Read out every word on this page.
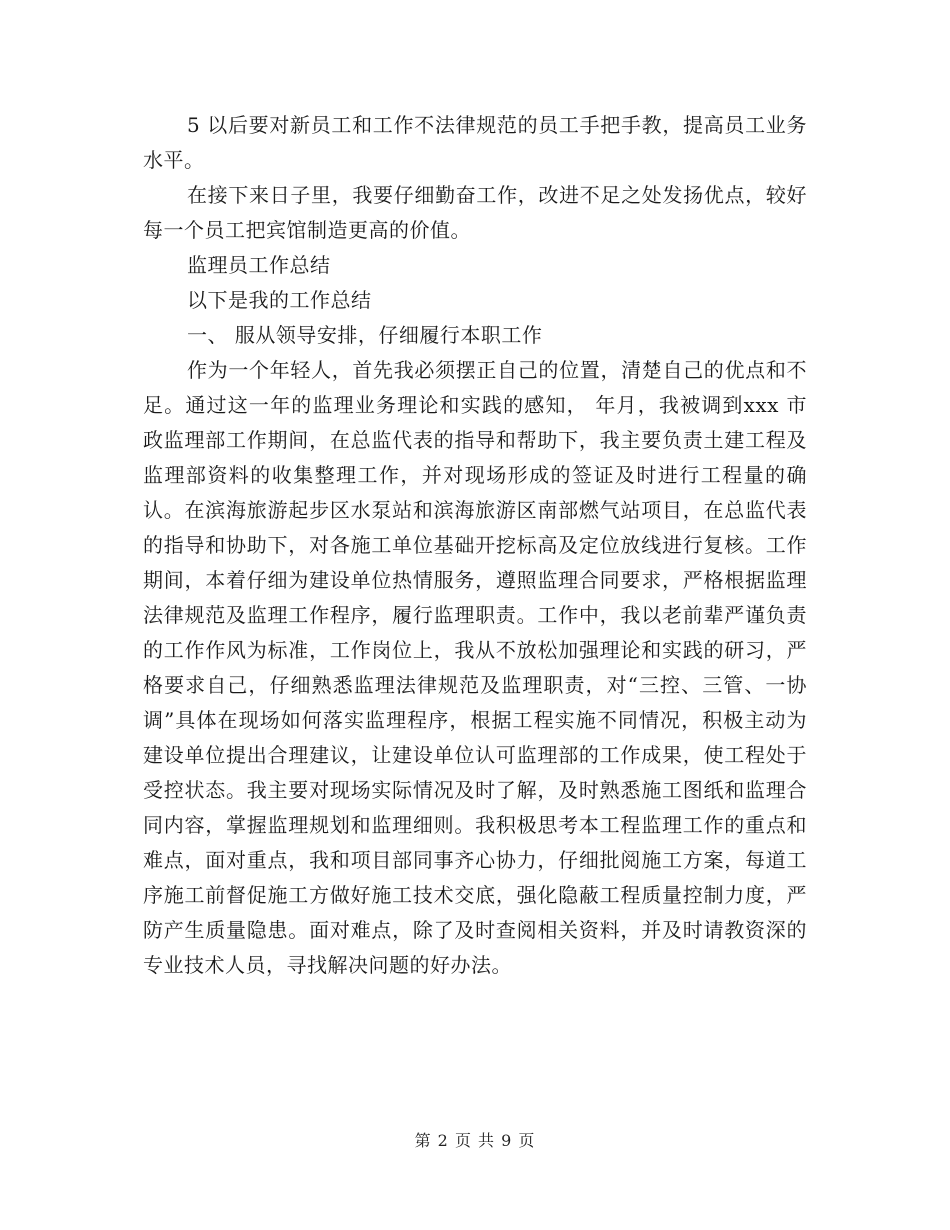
5 以后要对新员工和工作不法律规范的员工手把手教，提高员工业务水平。

在接下来日子里，我要仔细勤奋工作，改进不足之处发扬优点，较好每一个员工把宾馆制造更高的价值。

监理员工作总结

以下是我的工作总结

一、 服从领导安排，仔细履行本职工作

作为一个年轻人，首先我必须摆正自己的位置，清楚自己的优点和不足。通过这一年的监理业务理论和实践的感知， 年月，我被调到xxx 市政监理部工作期间，在总监代表的指导和帮助下，我主要负责土建工程及监理部资料的收集整理工作，并对现场形成的签证及时进行工程量的确认。在滨海旅游起步区水泵站和滨海旅游区南部燃气站项目，在总监代表的指导和协助下，对各施工单位基础开挖标高及定位放线进行复核。工作期间，本着仔细为建设单位热情服务，遵照监理合同要求，严格根据监理法律规范及监理工作程序，履行监理职责。工作中，我以老前辈严谨负责的工作作风为标准，工作岗位上，我从不放松加强理论和实践的研习，严格要求自己，仔细熟悉监理法律规范及监理职责，对“三控、三管、一协调”具体在现场如何落实监理程序，根据工程实施不同情况，积极主动为建设单位提出合理建议，让建设单位认可监理部的工作成果，使工程处于受控状态。我主要对现场实际情况及时了解，及时熟悉施工图纸和监理合同内容，掌握监理规划和监理细则。我积极思考本工程监理工作的重点和难点，面对重点，我和项目部同事齐心协力，仔细批阅施工方案，每道工序施工前督促施工方做好施工技术交底，强化隐蔽工程质量控制力度，严防产生质量隐患。面对难点，除了及时查阅相关资料，并及时请教资深的专业技术人员，寻找解决问题的好办法。

第 2 页 共 9 页
